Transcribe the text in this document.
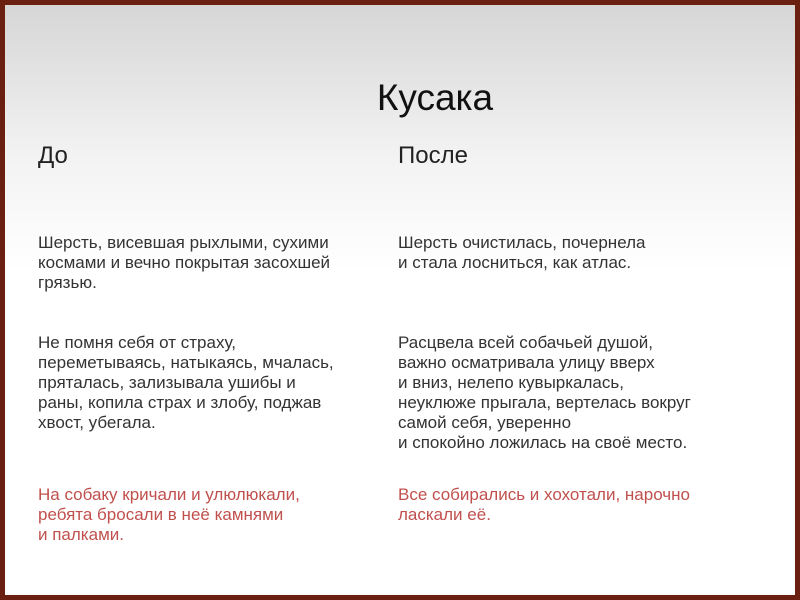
Кусака
До	После
Шерсть, висевшая рыхлыми, сухими
космами и вечно покрытая засохшей
грязью.
Шерсть очистилась, почернела
и стала лосниться, как атлас.
Не помня себя от страху,
переметываясь, натыкаясь, мчалась,
пряталась, зализывала ушибы и
раны, копила страх и злобу, поджав
хвост, убегала.
Расцвела всей собачьей душой,
важно осматривала улицу вверх
и вниз, нелепо кувыркалась,
неуклюже прыгала, вертелась вокруг
самой себя, уверенно
и спокойно ложилась на своё место.
На собаку кричали и улюлюкали,
ребята бросали в неё камнями
и палками.
Все собирались и хохотали, нарочно
ласкали её.
